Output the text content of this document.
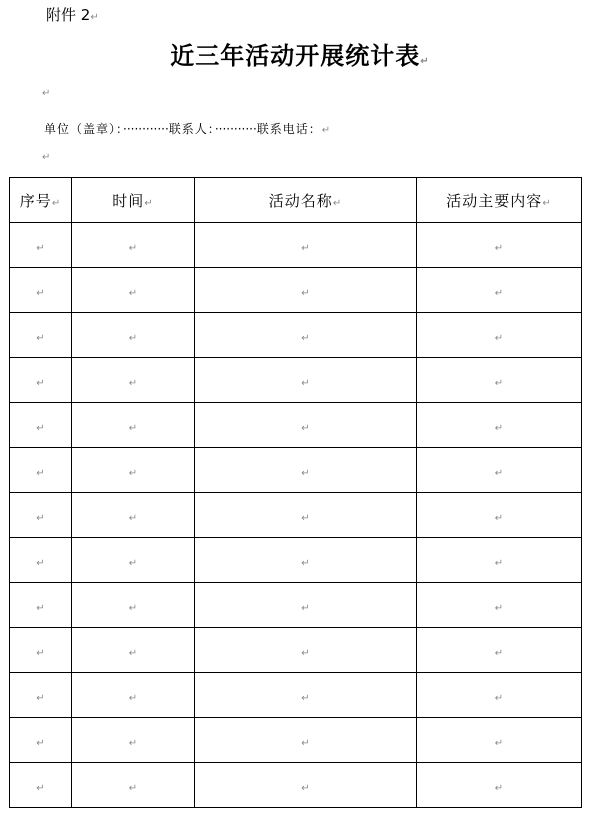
附件 2↵
近三年活动开展统计表↵
↵
单位（盖章）：············联系人：···········联系电话：↵
↵
序号↵	时间↵	活动名称↵	活动主要内容↵
↵	↵	↵	↵
↵	↵	↵	↵
↵	↵	↵	↵
↵	↵	↵	↵
↵	↵	↵	↵
↵	↵	↵	↵
↵	↵	↵	↵
↵	↵	↵	↵
↵	↵	↵	↵
↵	↵	↵	↵
↵	↵	↵	↵
↵	↵	↵	↵
↵	↵	↵	↵
